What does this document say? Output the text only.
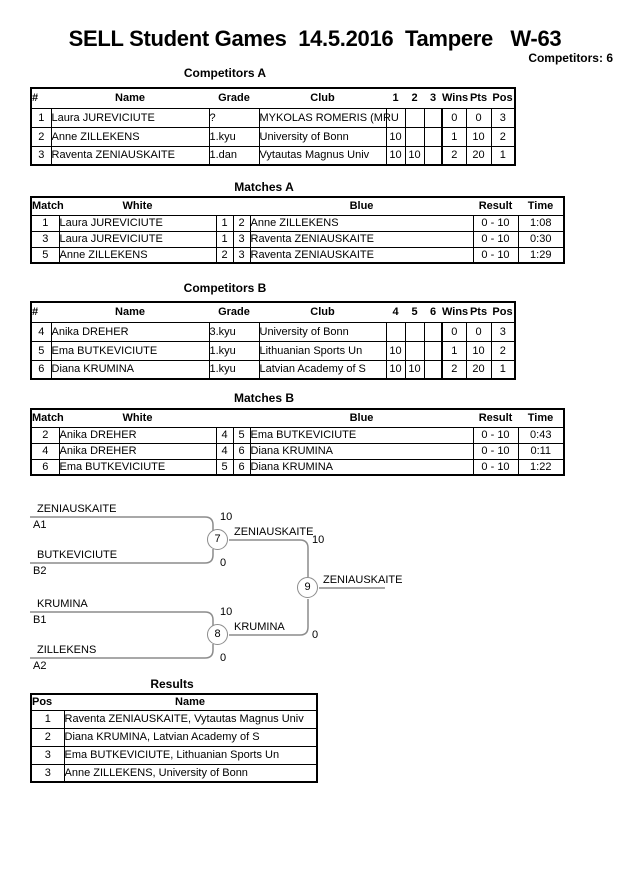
SELL Student Games  14.5.2016  Tampere   W-63
Competitors: 6
Competitors A
#	Name	Grade	Club	1	2	3	Wins	Pts	Pos
1	Laura JUREVICIUTE	?	MYKOLAS ROMERIS (MRU				0	0	3
2	Anne ZILLEKENS	1.kyu	University of Bonn	10			1	10	2
3	Raventa ZENIAUSKAITE	1.dan	Vytautas Magnus Univ	10	10		2	20	1
Matches A
Match	White			Blue	Result	Time
1	Laura JUREVICIUTE	1	2	Anne ZILLEKENS	0 - 10	1:08
3	Laura JUREVICIUTE	1	3	Raventa ZENIAUSKAITE	0 - 10	0:30
5	Anne ZILLEKENS	2	3	Raventa ZENIAUSKAITE	0 - 10	1:29
Competitors B
#	Name	Grade	Club	4	5	6	Wins	Pts	Pos
4	Anika DREHER	3.kyu	University of Bonn				0	0	3
5	Ema BUTKEVICIUTE	1.kyu	Lithuanian Sports Un	10			1	10	2
6	Diana KRUMINA	1.kyu	Latvian Academy of S	10	10		2	20	1
Matches B
Match	White			Blue	Result	Time
2	Anika DREHER	4	5	Ema BUTKEVICIUTE	0 - 10	0:43
4	Anika DREHER	4	6	Diana KRUMINA	0 - 10	0:11
6	Ema BUTKEVICIUTE	5	6	Diana KRUMINA	0 - 10	1:22
ZENIAUSKAITE
A1
10
BUTKEVICIUTE
B2
0
ZENIAUSKAITE
10
KRUMINA
B1
10
ZILLEKENS
A2
0
KRUMINA
0
ZENIAUSKAITE
7
8
9
Results
Pos	Name
1	Raventa ZENIAUSKAITE, Vytautas Magnus Univ
2	Diana KRUMINA, Latvian Academy of S
3	Ema BUTKEVICIUTE, Lithuanian Sports Un
3	Anne ZILLEKENS, University of Bonn
